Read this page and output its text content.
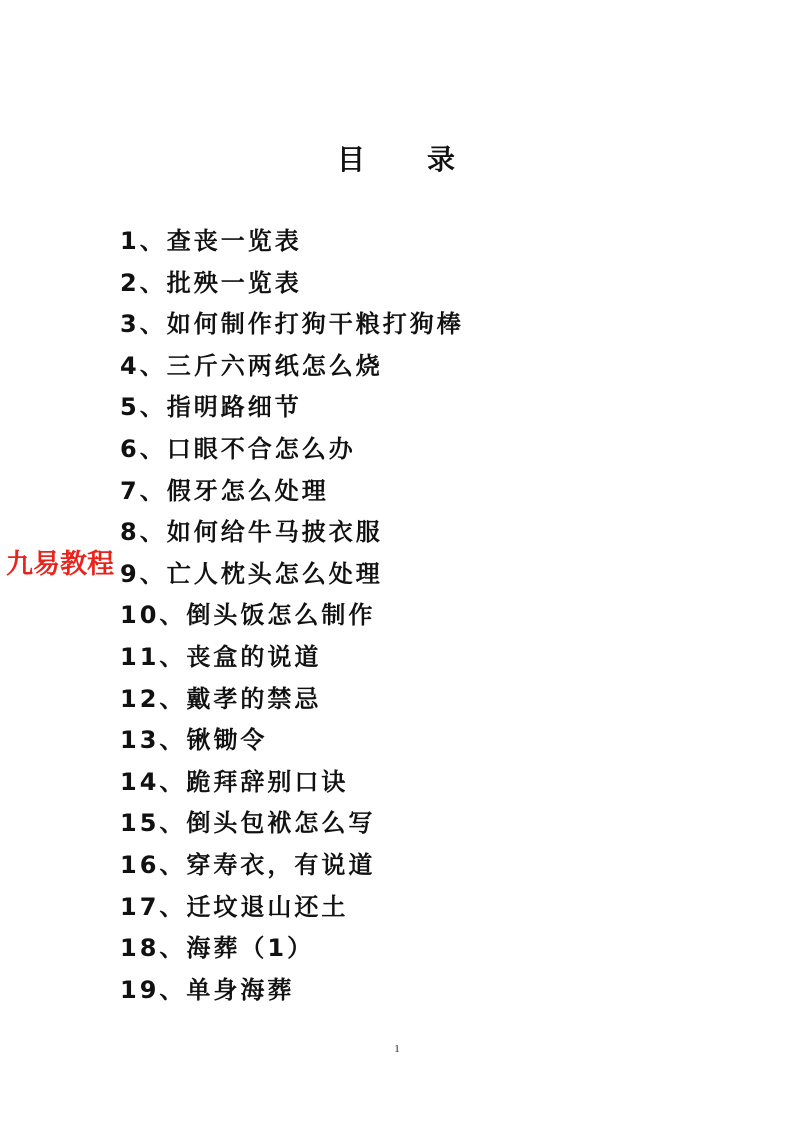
目　　录
1、查丧一览表
2、批殃一览表
3、如何制作打狗干粮打狗棒
4、三斤六两纸怎么烧
5、指明路细节
6、口眼不合怎么办
7、假牙怎么处理
8、如何给牛马披衣服
9、亡人枕头怎么处理
10、倒头饭怎么制作
11、丧盒的说道
12、戴孝的禁忌
13、锹锄令
14、跪拜辞别口诀
15、倒头包袱怎么写
16、穿寿衣，有说道
17、迁坟退山还土
18、海葬（1）
19、单身海葬
九易教程
1
